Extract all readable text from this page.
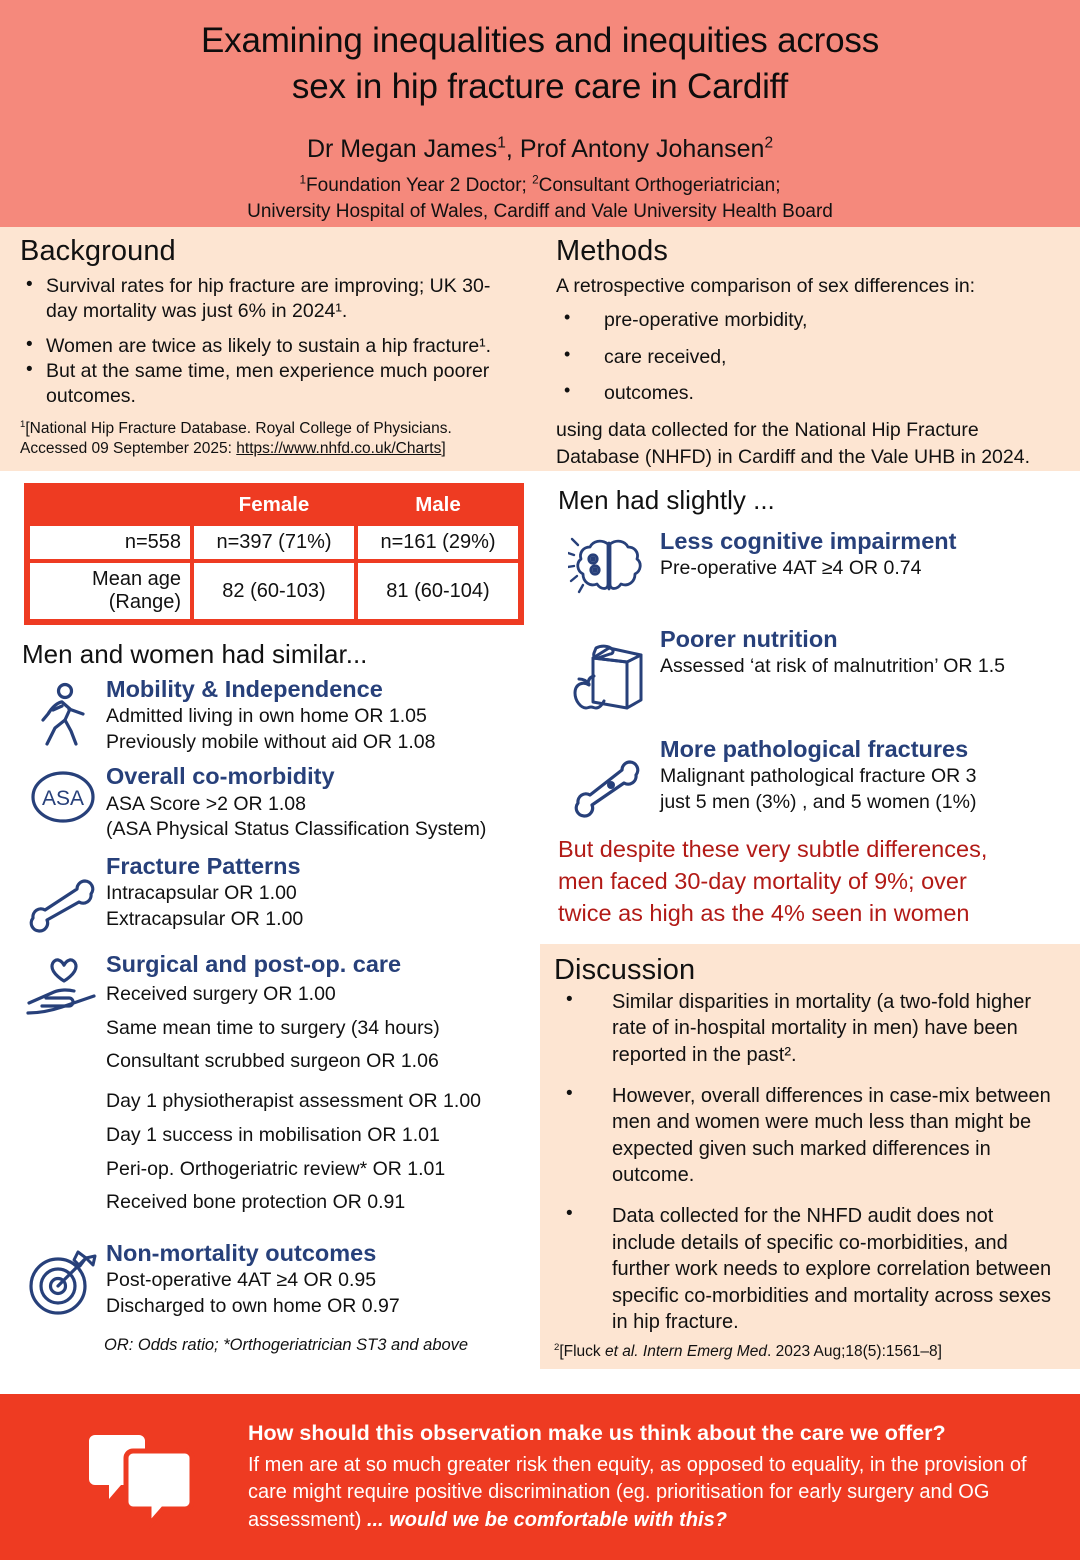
Examining inequalities and inequities across
sex in hip fracture care in Cardiff
Dr Megan James$^1$, Prof Antony Johansen$^2$
$^1$Foundation Year 2 Doctor; $^2$Consultant Orthogeriatrician;
University Hospital of Wales, Cardiff and Vale University Health Board
Background
• Survival rates for hip fracture are improving; UK 30-day mortality was just 6% in 2024¹.
• Women are twice as likely to sustain a hip fracture¹.
• But at the same time, men experience much poorer outcomes.
$^1$[National Hip Fracture Database. Royal College of Physicians. Accessed 09 September 2025: https://www.nhfd.co.uk/Charts]
Methods

A retrospective comparison of sex differences in:

• pre-operative morbidity,
• care received,
• outcomes.
using data collected for the National Hip Fracture Database (NHFD) in Cardiff and the Vale UHB in 2024.
	Female	Male
n=558	n=397 (71%)	n=161 (29%)
Mean age (Range)	82 (60-103)	81 (60-104)
Men and women had similar...
Mobility & Independence
Admitted living in own home OR 1.05
Previously mobile without aid OR 1.08
ASA
Overall co-morbidity
ASA Score >2 OR 1.08
(ASA Physical Status Classification System)
Fracture Patterns
Intracapsular OR 1.00
Extracapsular OR 1.00
Surgical and post-op. care
Received surgery OR 1.00
Same mean time to surgery (34 hours)
Consultant scrubbed surgeon OR 1.06
Day 1 physiotherapist assessment OR 1.00
Day 1 success in mobilisation OR 1.01
Peri-op. Orthogeriatric review* OR 1.01
Received bone protection OR 0.91
Non-mortality outcomes
Post-operative 4AT ≥4 OR 0.95
Discharged to own home OR 0.97
OR: Odds ratio; *Orthogeriatrician ST3 and above
Men had slightly ...
Less cognitive impairment
Pre-operative 4AT ≥4 OR 0.74
Poorer nutrition
Assessed ‘at risk of malnutrition’ OR 1.5
More pathological fractures
Malignant pathological fracture OR 3
just 5 men (3%) , and 5 women (1%)
But despite these very subtle differences,
men faced 30-day mortality of 9%; over
twice as high as the 4% seen in women
Discussion
• Similar disparities in mortality (a two-fold higher rate of in-hospital mortality in men) have been reported in the past².
• However, overall differences in case-mix between men and women were much less than might be expected given such marked differences in outcome.
• Data collected for the NHFD audit does not include details of specific co-morbidities, and further work needs to explore correlation between specific co-morbidities and mortality across sexes in hip fracture.
$^2$[Fluck et al. Intern Emerg Med. 2023 Aug;18(5):1561–8]
How should this observation make us think about the care we offer?
If men are at so much greater risk then equity, as opposed to equality, in the provision of care might require positive discrimination (eg. prioritisation for early surgery and OG assessment) ... would we be comfortable with this?
